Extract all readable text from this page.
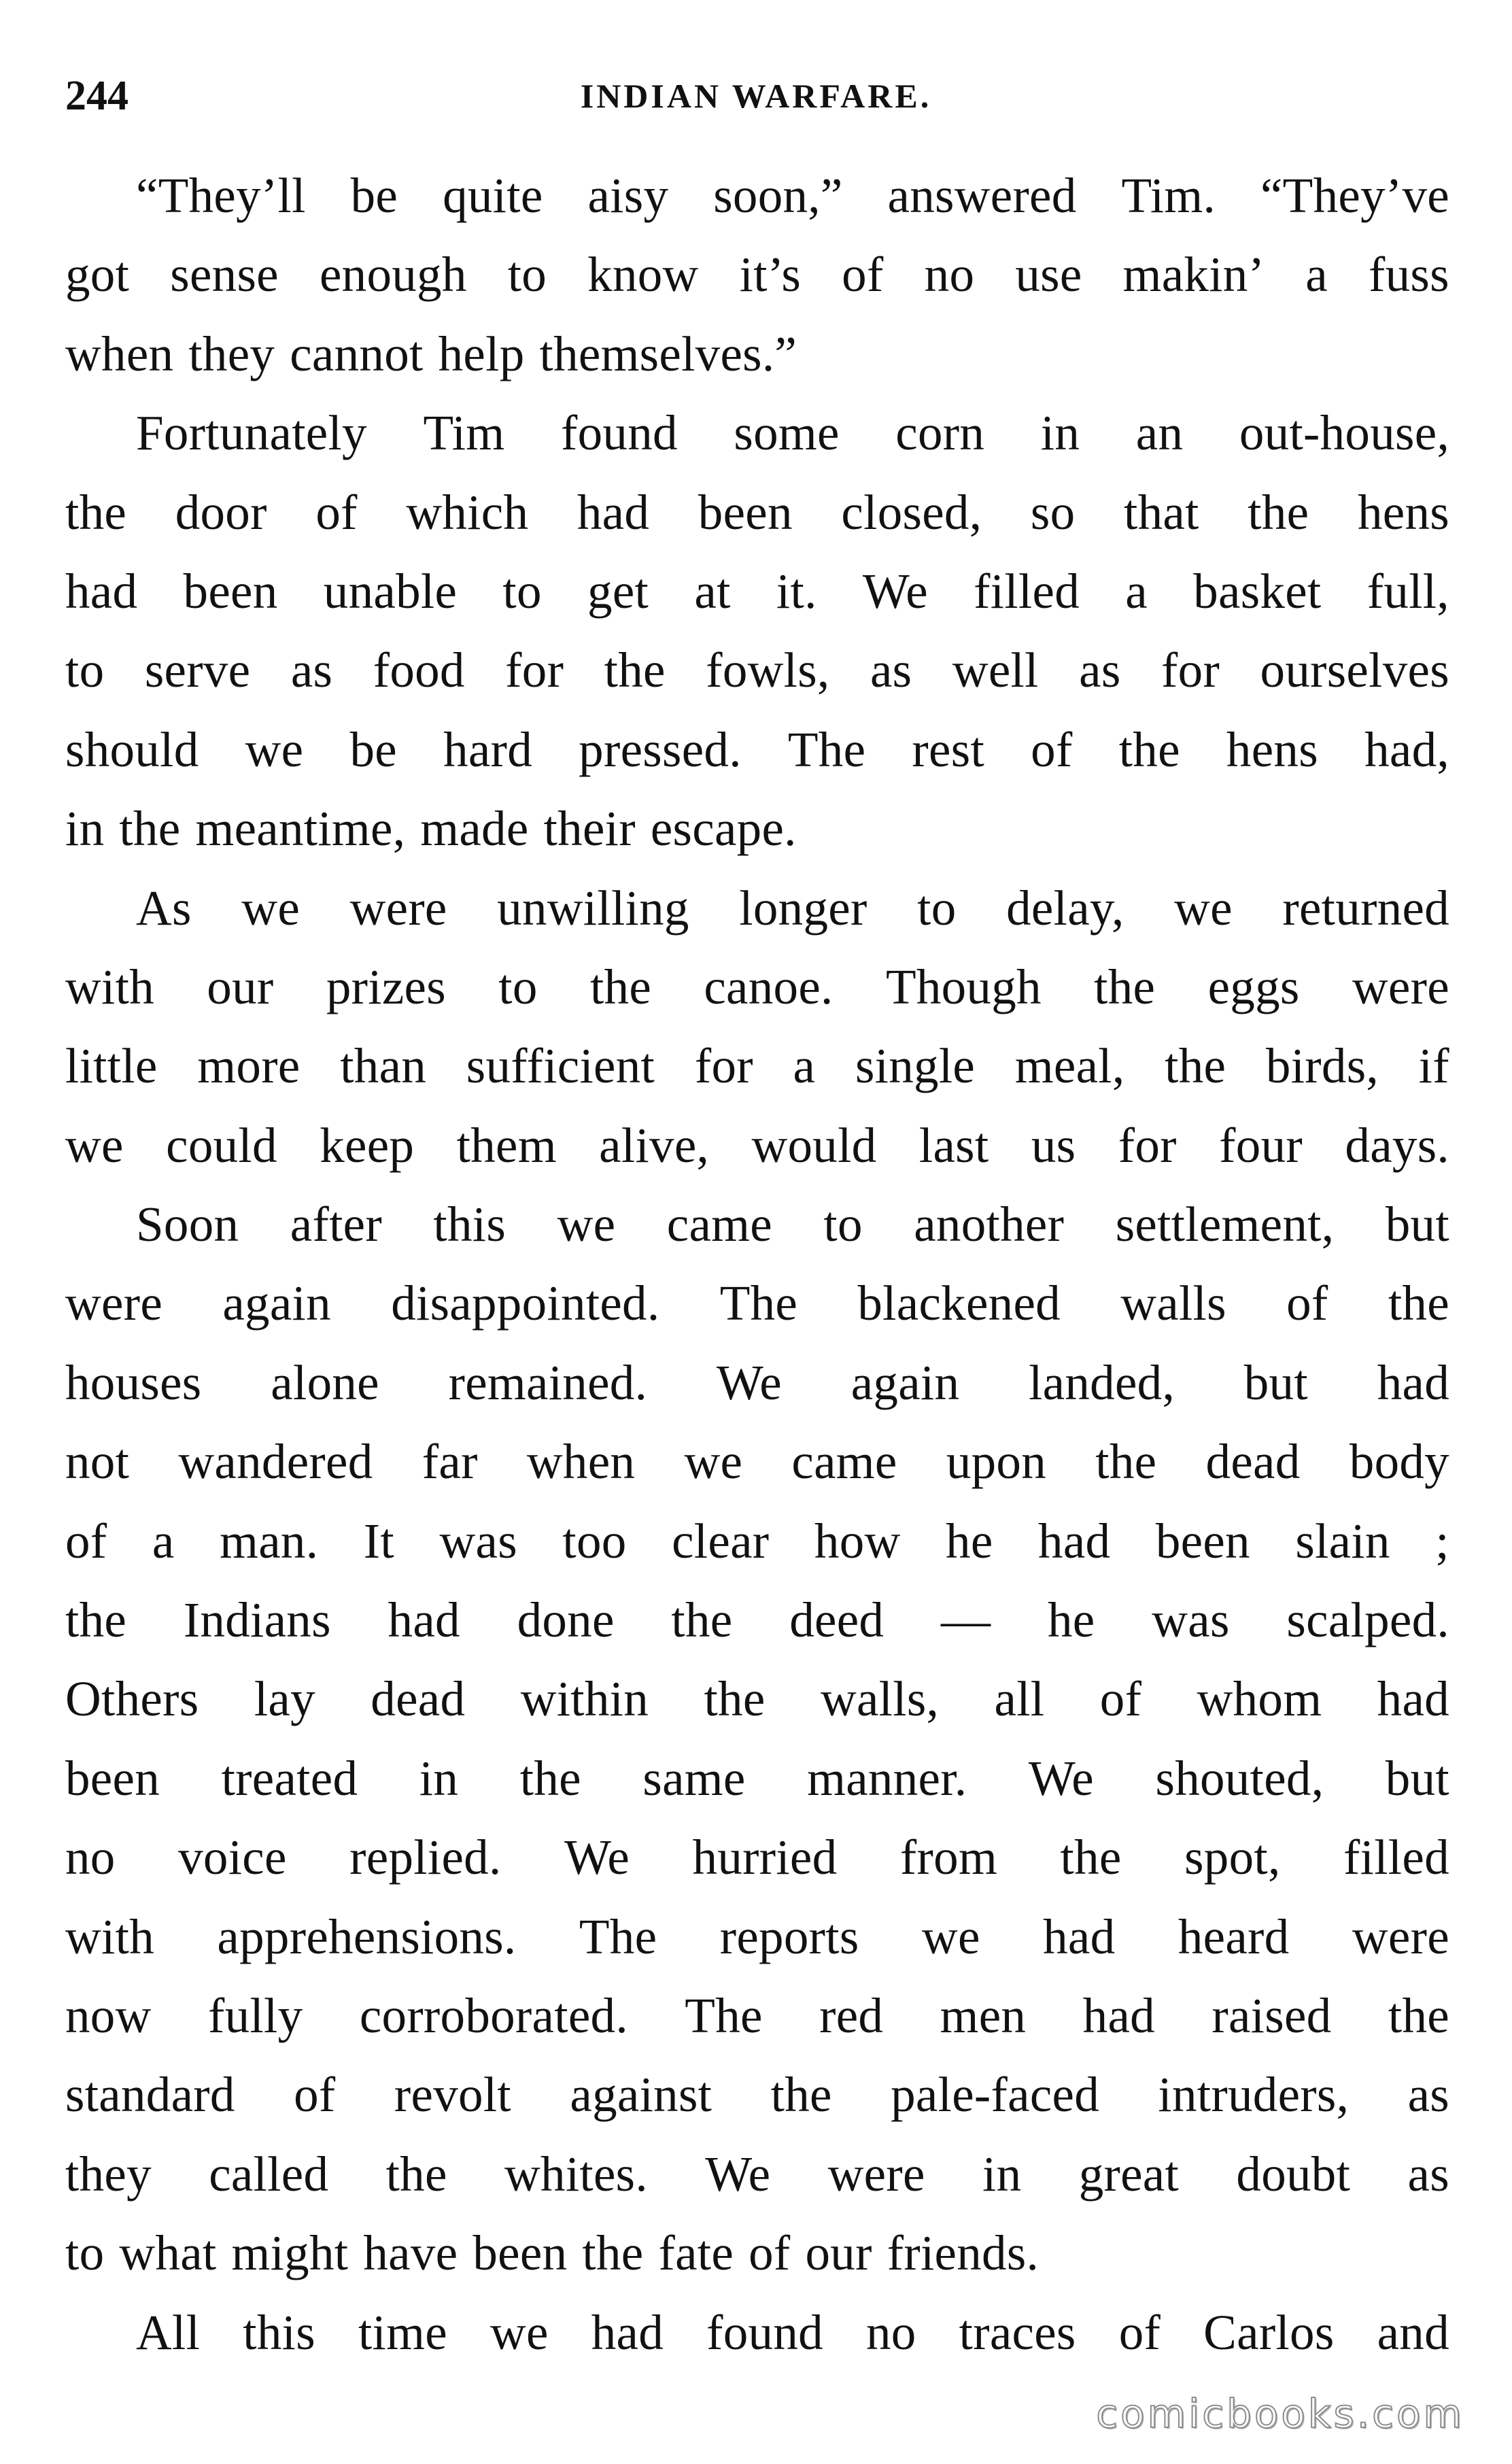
244	INDIAN WARFARE.
“They’ll be quite aisy soon,” answered Tim. “They’ve
got sense enough to know it’s of no use makin’ a fuss
when they cannot help themselves.”
Fortunately Tim found some corn in an out-house,
the door of which had been closed, so that the hens
had been unable to get at it. We filled a basket full,
to serve as food for the fowls, as well as for ourselves
should we be hard pressed. The rest of the hens had,
in the meantime, made their escape.
As we were unwilling longer to delay, we returned
with our prizes to the canoe. Though the eggs were
little more than sufficient for a single meal, the birds, if
we could keep them alive, would last us for four days.
Soon after this we came to another settlement, but
were again disappointed. The blackened walls of the
houses alone remained. We again landed, but had
not wandered far when we came upon the dead body
of a man. It was too clear how he had been slain ;
the Indians had done the deed — he was scalped.
Others lay dead within the walls, all of whom had
been treated in the same manner. We shouted, but
no voice replied. We hurried from the spot, filled
with apprehensions. The reports we had heard were
now fully corroborated. The red men had raised the
standard of revolt against the pale-faced intruders, as
they called the whites. We were in great doubt as
to what might have been the fate of our friends.
All this time we had found no traces of Carlos and
comicbooks.com
